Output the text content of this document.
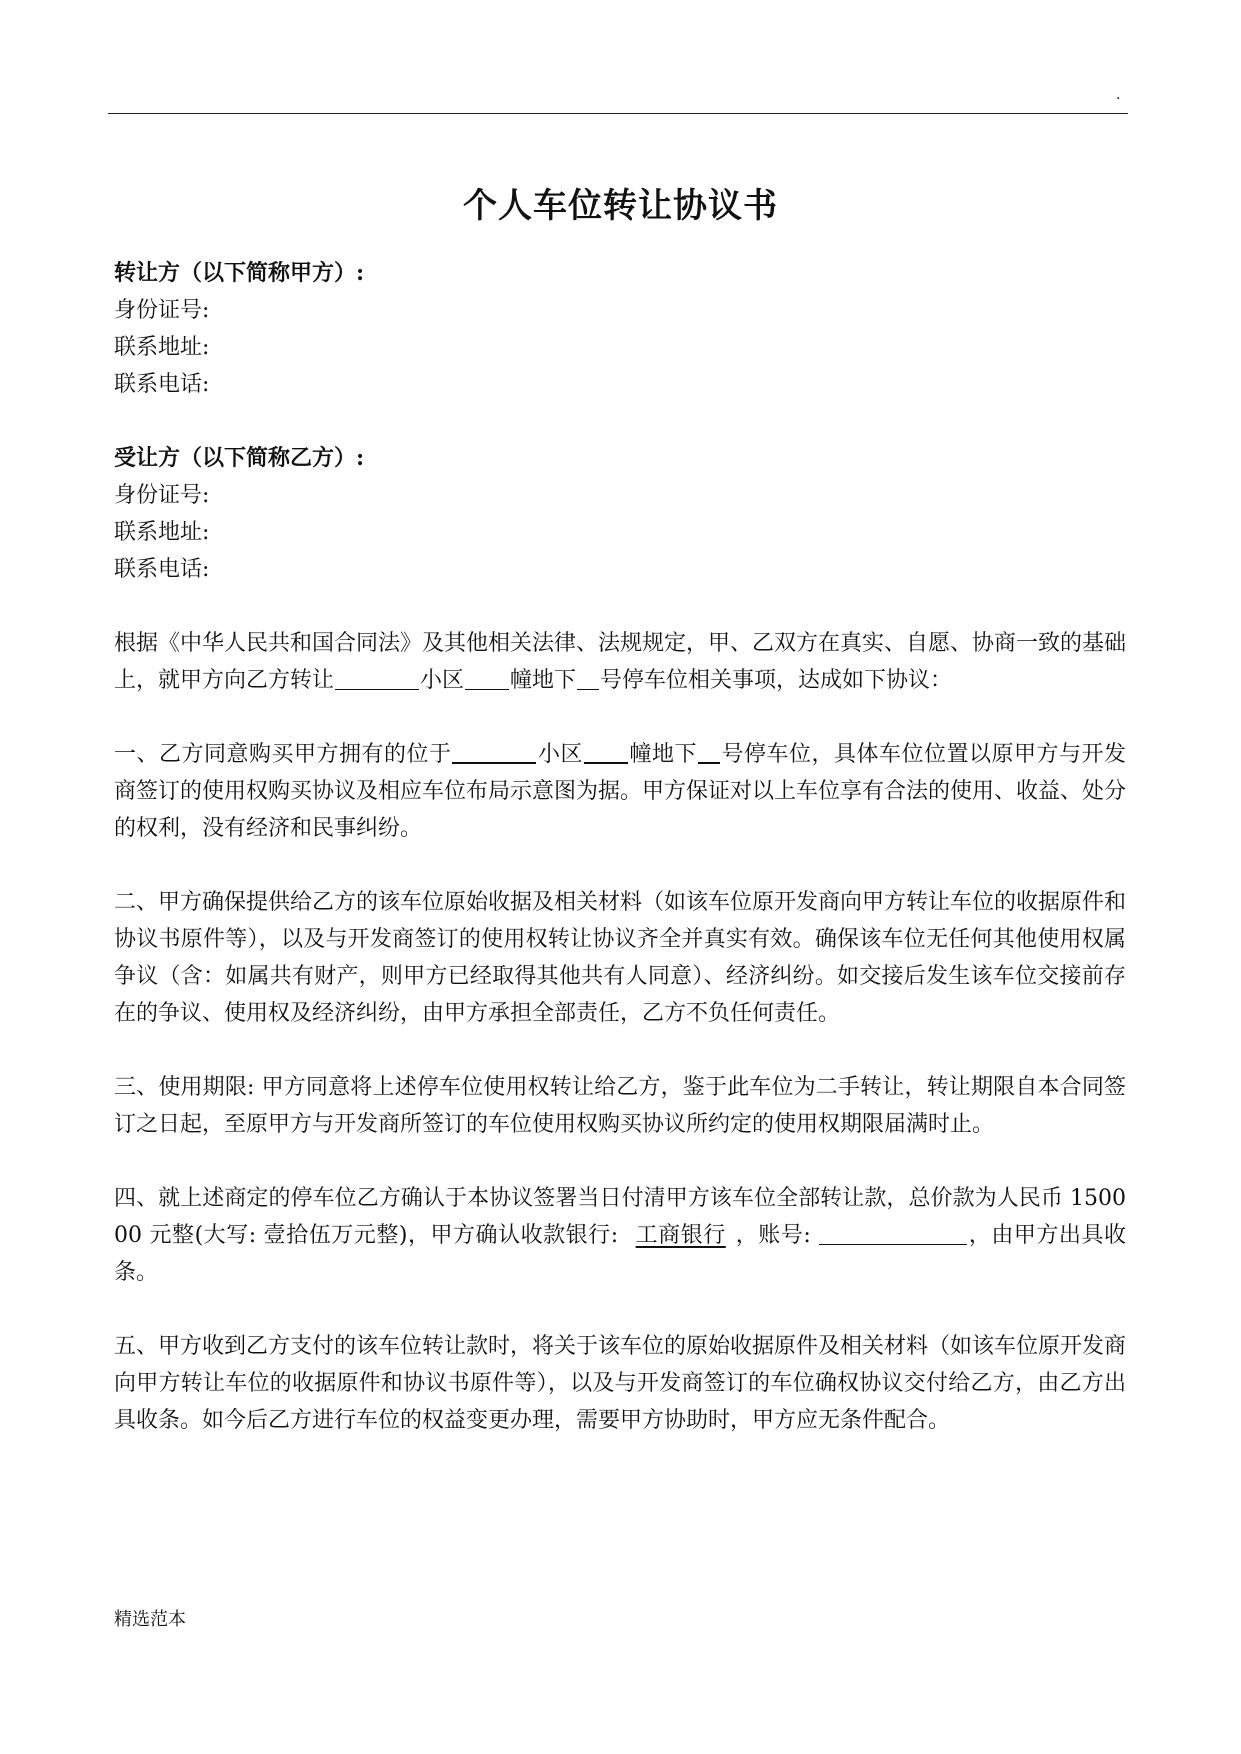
.
个人车位转让协议书

转让方（以下简称甲方）:

身份证号:

联系地址:

联系电话:

受让方（以下简称乙方）:

身份证号:

联系地址:

联系电话:

根据《中华人民共和国合同法》及其他相关法律、法规规定，甲、乙双方在真实、自愿、协商一致的基础上，就甲方向乙方转让	小区 幢地下 号停车位相关事项，达成如下协议：

一、乙方同意购买甲方拥有的位于	小区 幢地下 号停车位，具体车位位置以原甲方与开发商签订的使用权购买协议及相应车位布局示意图为据。甲方保证对以上车位享有合法的使用、收益、处分的权利，没有经济和民事纠纷。

二、甲方确保提供给乙方的该车位原始收据及相关材料（如该车位原开发商向甲方转让车位的收据原件和协议书原件等），以及与开发商签订的使用权转让协议齐全并真实有效。确保该车位无任何其他使用权属争议（含：如属共有财产，则甲方已经取得其他共有人同意）、经济纠纷。如交接后发生该车位交接前存在的争议、使用权及经济纠纷，由甲方承担全部责任，乙方不负任何责任。

三、使用期限: 甲方同意将上述停车位使用权转让给乙方，鉴于此车位为二手转让，转让期限自本合同签订之日起，至原甲方与开发商所签订的车位使用权购买协议所约定的使用权期限届满时止。

四、就上述商定的停车位乙方确认于本协议签署当日付清甲方该车位全部转让款，总价款为人民币 150000 元整(大写: 壹拾伍万元整)，甲方确认收款银行: 工商银行 ，账号:	，由甲方出具收条。

五、甲方收到乙方支付的该车位转让款时，将关于该车位的原始收据原件及相关材料（如该车位原开发商向甲方转让车位的收据原件和协议书原件等），以及与开发商签订的车位确权协议交付给乙方，由乙方出具收条。如今后乙方进行车位的权益变更办理，需要甲方协助时，甲方应无条件配合。

精选范本
